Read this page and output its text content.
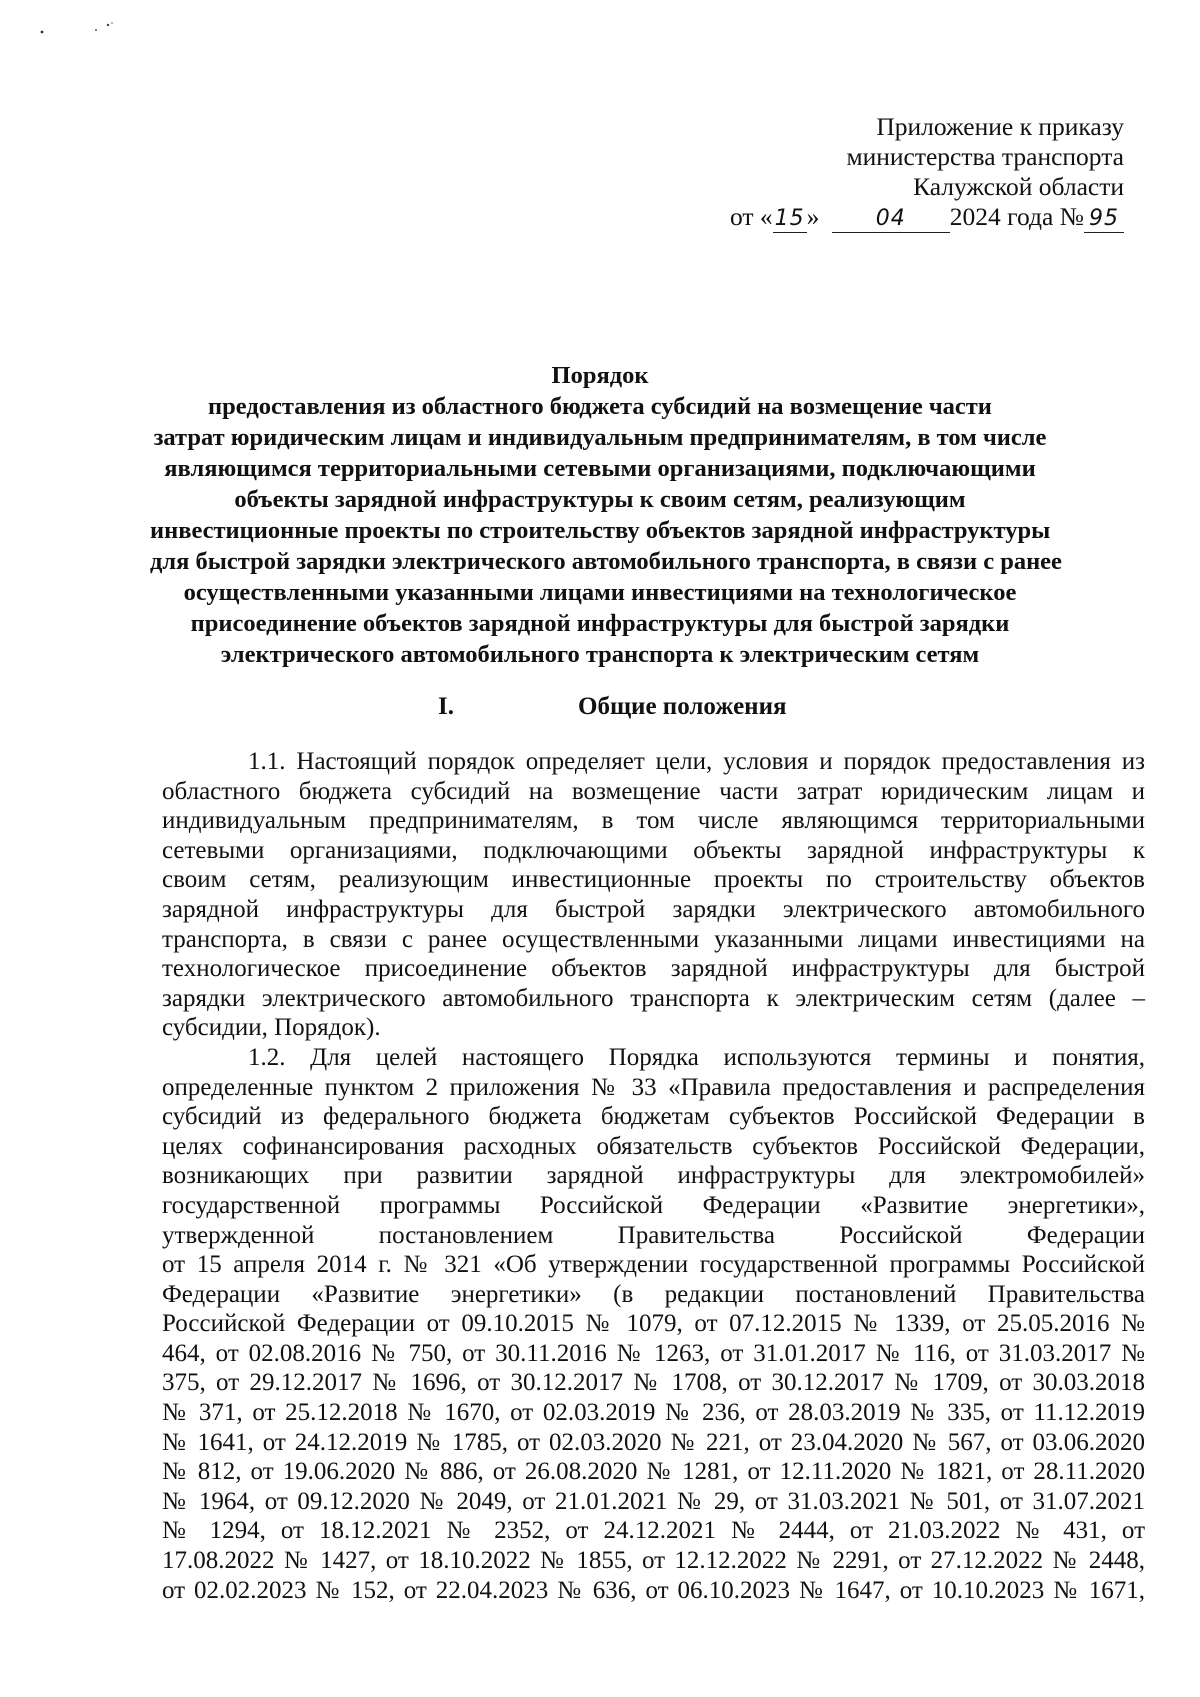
Приложение к приказу
министерства транспорта
Калужской области
от «15»	04 2024 года № 95
Порядок
предоставления из областного бюджета субсидий на возмещение части
затрат юридическим лицам и индивидуальным предпринимателям, в том числе
являющимся территориальными сетевыми организациями, подключающими
объекты зарядной инфраструктуры к своим сетям, реализующим
инвестиционные проекты по строительству объектов зарядной инфраструктуры
для быстрой зарядки электрического автомобильного транспорта, в связи с ранее
осуществленными указанными лицами инвестициями на технологическое
присоединение объектов зарядной инфраструктуры для быстрой зарядки
электрического автомобильного транспорта к электрическим сетям
I.	Общие положения
1.1. Настоящий порядок определяет цели, условия и порядок предоставления из
областного бюджета субсидий на возмещение части затрат юридическим лицам и
индивидуальным предпринимателям, в том числе являющимся территориальными
сетевыми организациями, подключающими объекты зарядной инфраструктуры к
своим сетям, реализующим инвестиционные проекты по строительству объектов
зарядной инфраструктуры для быстрой зарядки электрического автомобильного
транспорта, в связи с ранее осуществленными указанными лицами инвестициями на
технологическое присоединение объектов зарядной инфраструктуры для быстрой
зарядки электрического автомобильного транспорта к электрическим сетям (далее –
субсидии, Порядок).
1.2. Для целей настоящего Порядка используются термины и понятия,
определенные пунктом 2 приложения № 33 «Правила предоставления и распределения
субсидий из федерального бюджета бюджетам субъектов Российской Федерации в
целях софинансирования расходных обязательств субъектов Российской Федерации,
возникающих при развитии зарядной инфраструктуры для электромобилей»
государственной программы Российской Федерации «Развитие энергетики»,
утвержденной постановлением Правительства Российской Федерации
от 15 апреля 2014 г. № 321 «Об утверждении государственной программы Российской
Федерации «Развитие энергетики» (в редакции постановлений Правительства
Российской Федерации от 09.10.2015 № 1079, от 07.12.2015 № 1339, от 25.05.2016 №
464, от 02.08.2016 № 750, от 30.11.2016 № 1263, от 31.01.2017 № 116, от 31.03.2017 №
375, от 29.12.2017 № 1696, от 30.12.2017 № 1708, от 30.12.2017 № 1709, от 30.03.2018
№ 371, от 25.12.2018 № 1670, от 02.03.2019 № 236, от 28.03.2019 № 335, от 11.12.2019
№ 1641, от 24.12.2019 № 1785, от 02.03.2020 № 221, от 23.04.2020 № 567, от 03.06.2020
№ 812, от 19.06.2020 № 886, от 26.08.2020 № 1281, от 12.11.2020 № 1821, от 28.11.2020
№ 1964, от 09.12.2020 № 2049, от 21.01.2021 № 29, от 31.03.2021 № 501, от 31.07.2021
№ 1294, от 18.12.2021 № 2352, от 24.12.2021 № 2444, от 21.03.2022 № 431, от
17.08.2022 № 1427, от 18.10.2022 № 1855, от 12.12.2022 № 2291, от 27.12.2022 № 2448,
от 02.02.2023 № 152, от 22.04.2023 № 636, от 06.10.2023 № 1647, от 10.10.2023 № 1671,
